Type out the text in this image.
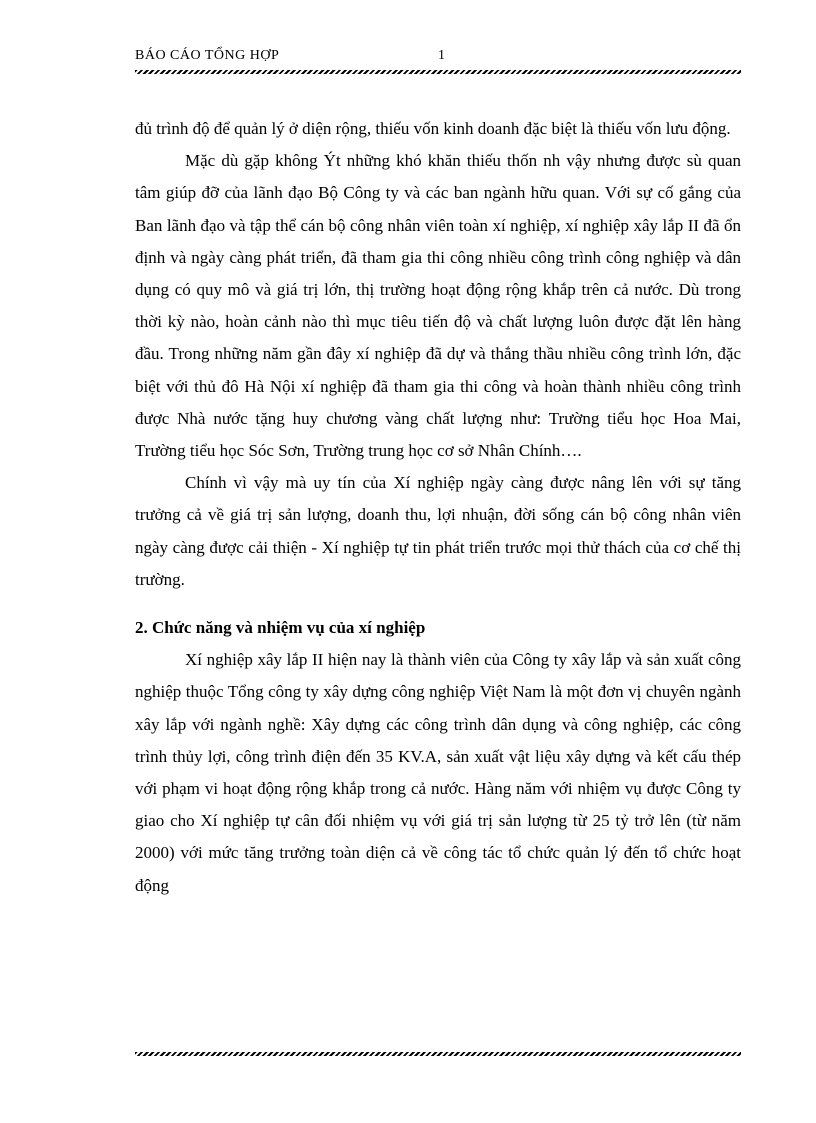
BÁO CÁO TỔNG HỢP	1

đủ trình độ để quản lý ở diện rộng, thiếu vốn kinh doanh đặc biệt là thiếu vốn lưu động.

Mặc dù gặp không Ýt những khó khăn thiếu thốn nh vậy nhưng được sù quan tâm giúp đỡ của lãnh đạo Bộ Công ty và các ban ngành hữu quan. Với sự cố gắng của Ban lãnh đạo và tập thể cán bộ công nhân viên toàn xí nghiệp, xí nghiệp xây lắp II đã ổn định và ngày càng phát triển, đã tham gia thi công nhiều công trình công nghiệp và dân dụng có quy mô và giá trị lớn, thị trường hoạt động rộng khắp trên cả nước. Dù trong thời kỳ nào, hoàn cảnh nào thì mục tiêu tiến độ và chất lượng luôn được đặt lên hàng đầu. Trong những năm gần đây xí nghiệp đã dự và thắng thầu nhiều công trình lớn, đặc biệt với thủ đô Hà Nội xí nghiệp đã tham gia thi công và hoàn thành nhiều công trình được Nhà nước tặng huy chương vàng chất lượng như: Trường tiểu học Hoa Mai, Trường tiểu học Sóc Sơn, Trường trung học cơ sở Nhân Chính….

Chính vì vậy mà uy tín của Xí nghiệp ngày càng được nâng lên với sự tăng trưởng cả về giá trị sản lượng, doanh thu, lợi nhuận, đời sống cán bộ công nhân viên ngày càng được cải thiện - Xí nghiệp tự tin phát triển trước mọi thử thách của cơ chế thị trường.

2. Chức năng và nhiệm vụ của xí nghiệp

Xí nghiệp xây lắp II hiện nay là thành viên của Công ty xây lắp và sản xuất công nghiệp thuộc Tổng công ty xây dựng công nghiệp Việt Nam là một đơn vị chuyên ngành xây lắp với ngành nghề: Xây dựng các công trình dân dụng và công nghiệp, các công trình thủy lợi, công trình điện đến 35 KV.A, sản xuất vật liệu xây dựng và kết cấu thép với phạm vi hoạt động rộng khắp trong cả nước. Hàng năm với nhiệm vụ được Công ty giao cho Xí nghiệp tự cân đối nhiệm vụ với giá trị sản lượng từ 25 tỷ trở lên (từ năm 2000) với mức tăng trưởng toàn diện cả về công tác tổ chức quản lý đến tổ chức hoạt động
